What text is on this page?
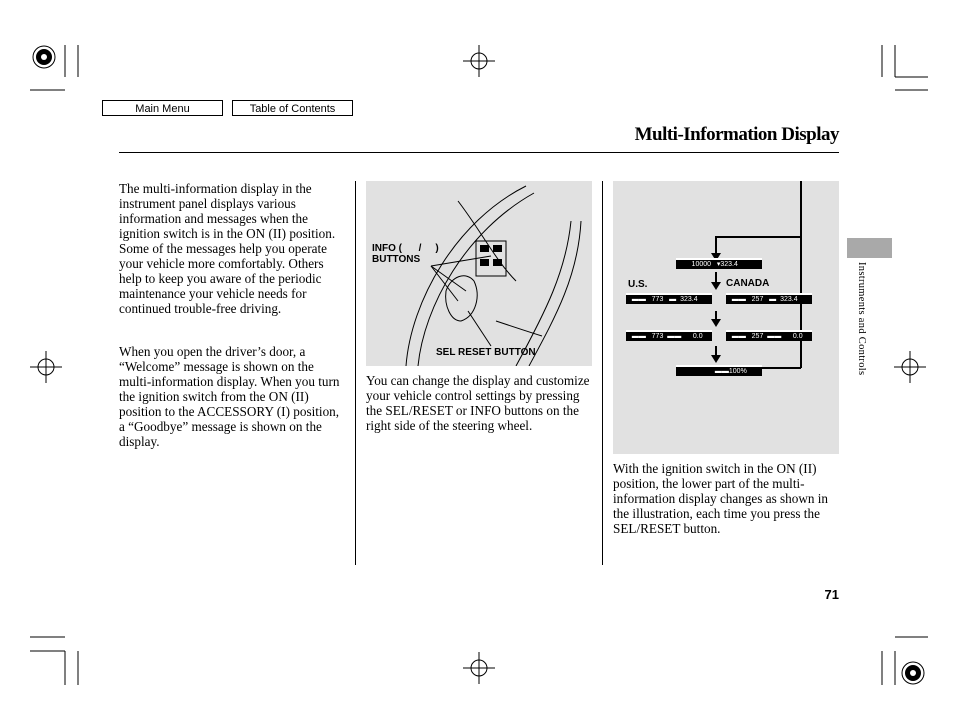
Main Menu	Table of Contents
Multi-Information Display
The multi-information display in the instrument panel displays various information and messages when the ignition switch is in the ON (II) position. Some of the messages help you operate your vehicle more comfortably. Others help to keep you aware of the periodic maintenance your vehicle needs for continued trouble-free driving.
When you open the driver’s door, a “Welcome” message is shown on the multi-information display. When you turn the ignition switch from the ON (II) position to the ACCESSORY (I) position, a “Goodbye” message is shown on the display.
INFO (      /     )
BUTTONS
SEL RESET BUTTON
You can change the display and customize your vehicle control settings by pressing the SEL/RESET or INFO buttons on the right side of the steering wheel.
U.S.	CANADA
10000   ▾323.4
▬▬   773   ▬  323.4	▬▬   257   ▬  323.4
▬▬   773  ▬▬      0.0	▬▬   257  ▬▬      0.0
▬▬100%
With the ignition switch in the ON (II) position, the lower part of the multi-information display changes as shown in the illustration, each time you press the SEL/RESET button.
Instruments and Controls
71
